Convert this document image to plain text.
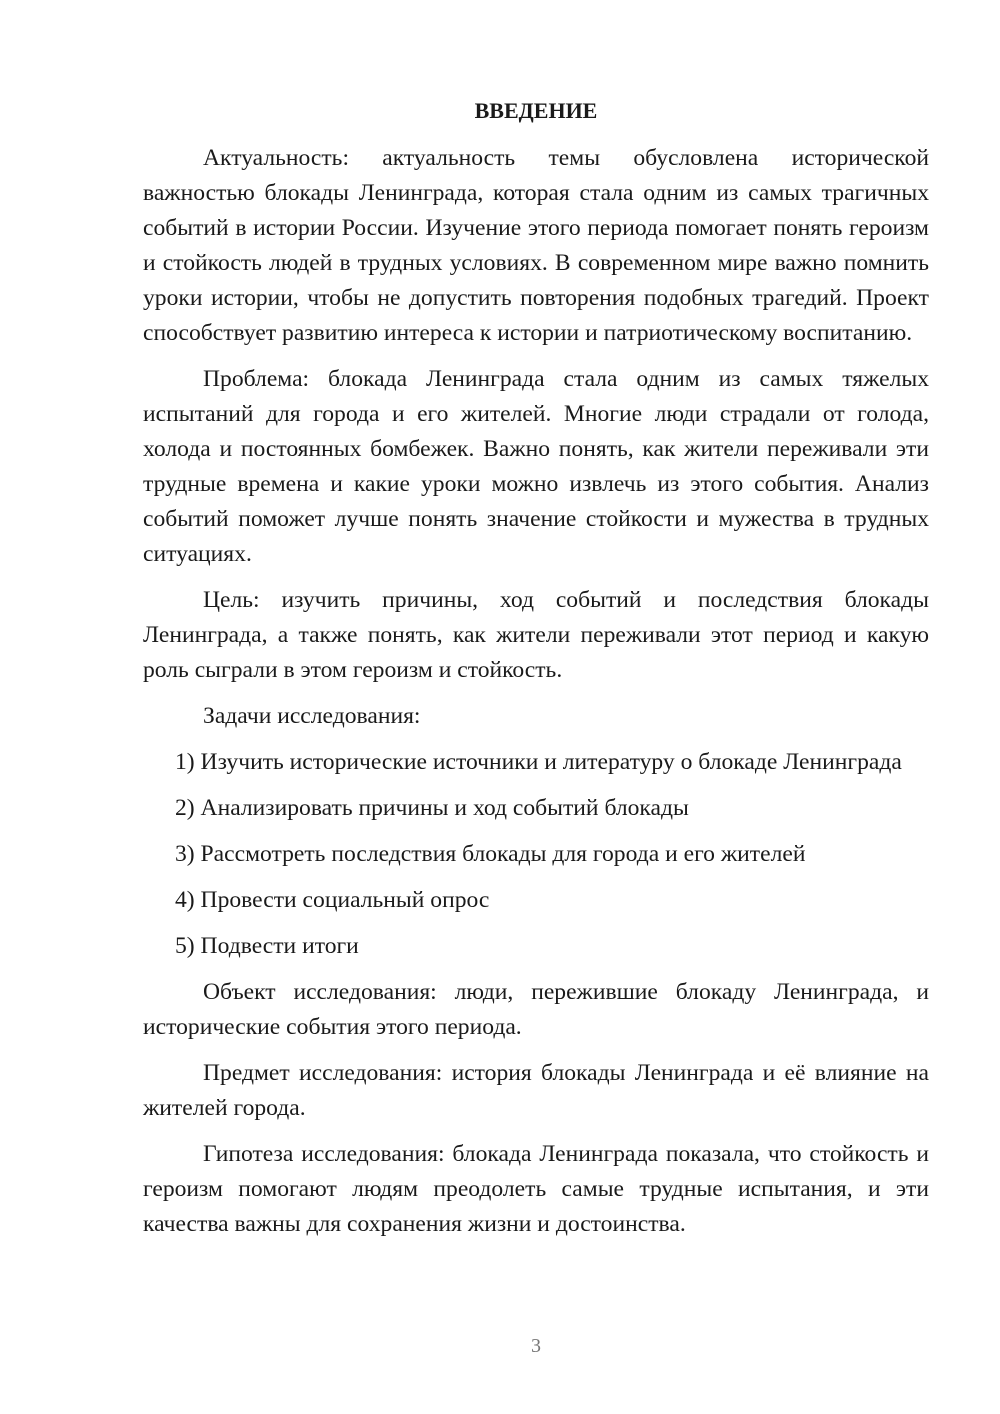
ВВЕДЕНИЕ

Актуальность: актуальность темы обусловлена исторической важностью блокады Ленинграда, которая стала одним из самых трагичных событий в истории России. Изучение этого периода помогает понять героизм и стойкость людей в трудных условиях. В современном мире важно помнить уроки истории, чтобы не допустить повторения подобных трагедий. Проект способствует развитию интереса к истории и патриотическому воспитанию.

Проблема: блокада Ленинграда стала одним из самых тяжелых испытаний для города и его жителей. Многие люди страдали от голода, холода и постоянных бомбежек. Важно понять, как жители переживали эти трудные времена и какие уроки можно извлечь из этого события. Анализ событий поможет лучше понять значение стойкости и мужества в трудных ситуациях.

Цель: изучить причины, ход событий и последствия блокады Ленинграда, а также понять, как жители переживали этот период и какую роль сыграли в этом героизм и стойкость.

Задачи исследования:

1) Изучить исторические источники и литературу о блокаде Ленинграда

2) Анализировать причины и ход событий блокады

3) Рассмотреть последствия блокады для города и его жителей

4) Провести социальный опрос

5) Подвести итоги

Объект исследования: люди, пережившие блокаду Ленинграда, и исторические события этого периода.

Предмет исследования: история блокады Ленинграда и её влияние на жителей города.

Гипотеза исследования: блокада Ленинграда показала, что стойкость и героизм помогают людям преодолеть самые трудные испытания, и эти качества важны для сохранения жизни и достоинства.

3
